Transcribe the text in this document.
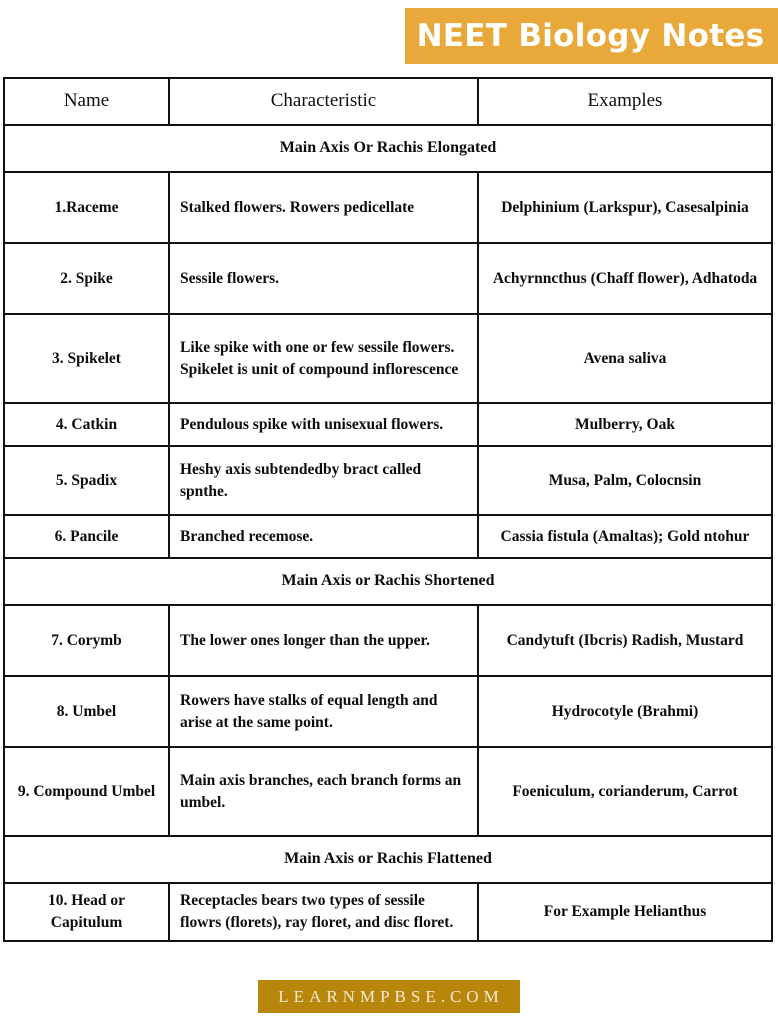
NEET Biology Notes
Name	Characteristic	Examples
Main Axis Or Rachis Elongated		
1.Raceme	Stalked flowers. Rowers pedicellate	Delphinium (Larkspur), Casesalpinia
2. Spike	Sessile flowers.	Achyrnncthus (Chaff flower), Adhatoda
3. Spikelet	Like spike with one or few sessile flowers. Spikelet is unit of compound inflorescence	Avena saliva
4. Catkin	Pendulous spike with unisexual flowers.	Mulberry, Oak
5. Spadix	Heshy axis subtendedby bract called spnthe.	Musa, Palm, Colocnsin
6. Pancile	Branched recemose.	Cassia fistula (Amaltas); Gold ntohur
Main Axis or Rachis Shortened		
7. Corymb	The lower ones longer than the upper.	Candytuft (Ibcris) Radish, Mustard
8. Umbel	Rowers have stalks of equal length and arise at the same point.	Hydrocotyle (Brahmi)
9. Compound Umbel	Main axis branches, each branch forms an umbel.	Foeniculum, corianderum, Carrot
Main Axis or Rachis Flattened		
10. Head or Capitulum	Receptacles bears two types of sessile flowrs (florets), ray floret, and disc floret.	For Example Helianthus
LEARNMPBSE.COM
